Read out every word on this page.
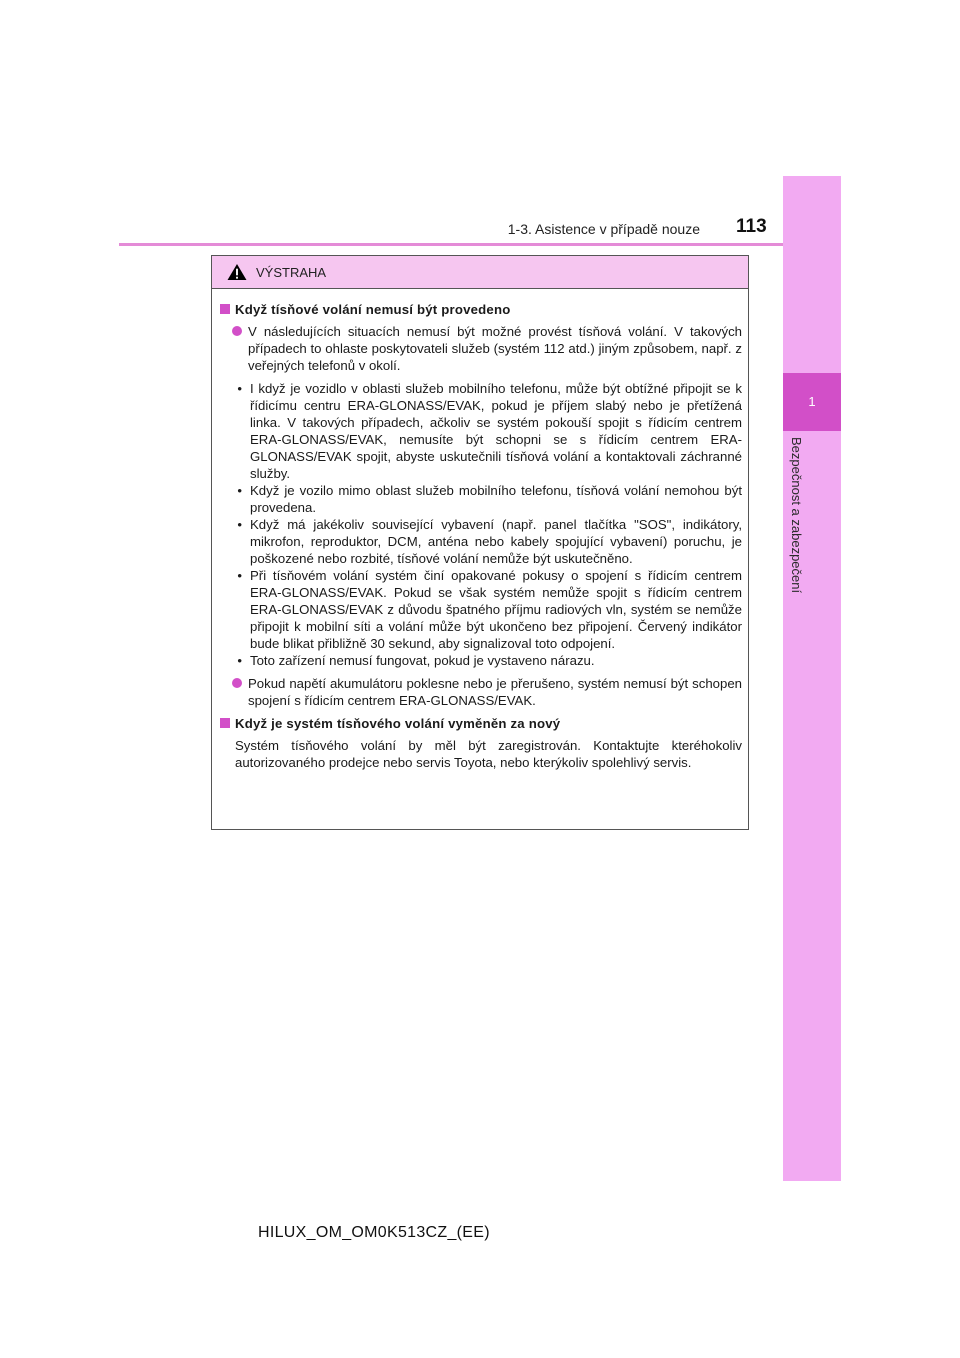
1-3. Asistence v případě nouze 113
1
Bezpečnost a zabezpečení
VÝSTRAHA
Když tísňové volání nemusí být provedeno
V následujících situacích nemusí být možné provést tísňová volání. V takových případech to ohlaste poskytovateli služeb (systém 112 atd.) jiným způsobem, např. z veřejných telefonů v okolí.
• I když je vozidlo v oblasti služeb mobilního telefonu, může být obtížné připojit se k řídicímu centru ERA-GLONASS/EVAK, pokud je příjem slabý nebo je přetížená linka. V takových případech, ačkoliv se systém pokouší spojit s řídicím centrem ERA-GLONASS/EVAK, nemusíte být schopni se s řídicím centrem ERA-GLONASS/EVAK spojit, abyste uskutečnili tísňová volání a kontaktovali záchranné služby.
• Když je vozilo mimo oblast služeb mobilního telefonu, tísňová volání nemohou být provedena.
• Když má jakékoliv související vybavení (např. panel tlačítka "SOS", indikátory, mikrofon, reproduktor, DCM, anténa nebo kabely spojující vybavení) poruchu, je poškozené nebo rozbité, tísňové volání nemůže být uskutečněno.
• Při tísňovém volání systém činí opakované pokusy o spojení s řídicím centrem ERA-GLONASS/EVAK. Pokud se však systém nemůže spojit s řídicím centrem ERA-GLONASS/EVAK z důvodu špatného příjmu radiových vln, systém se nemůže připojit k mobilní síti a volání může být ukončeno bez připojení. Červený indikátor bude blikat přibližně 30 sekund, aby signalizoval toto odpojení.
• Toto zařízení nemusí fungovat, pokud je vystaveno nárazu.
Pokud napětí akumulátoru poklesne nebo je přerušeno, systém nemusí být schopen spojení s řídicím centrem ERA-GLONASS/EVAK.
Když je systém tísňového volání vyměněn za nový
Systém tísňového volání by měl být zaregistrován. Kontaktujte kteréhokoliv autorizovaného prodejce nebo servis Toyota, nebo kterýkoliv spolehlivý servis.
HILUX_OM_OM0K513CZ_(EE)
